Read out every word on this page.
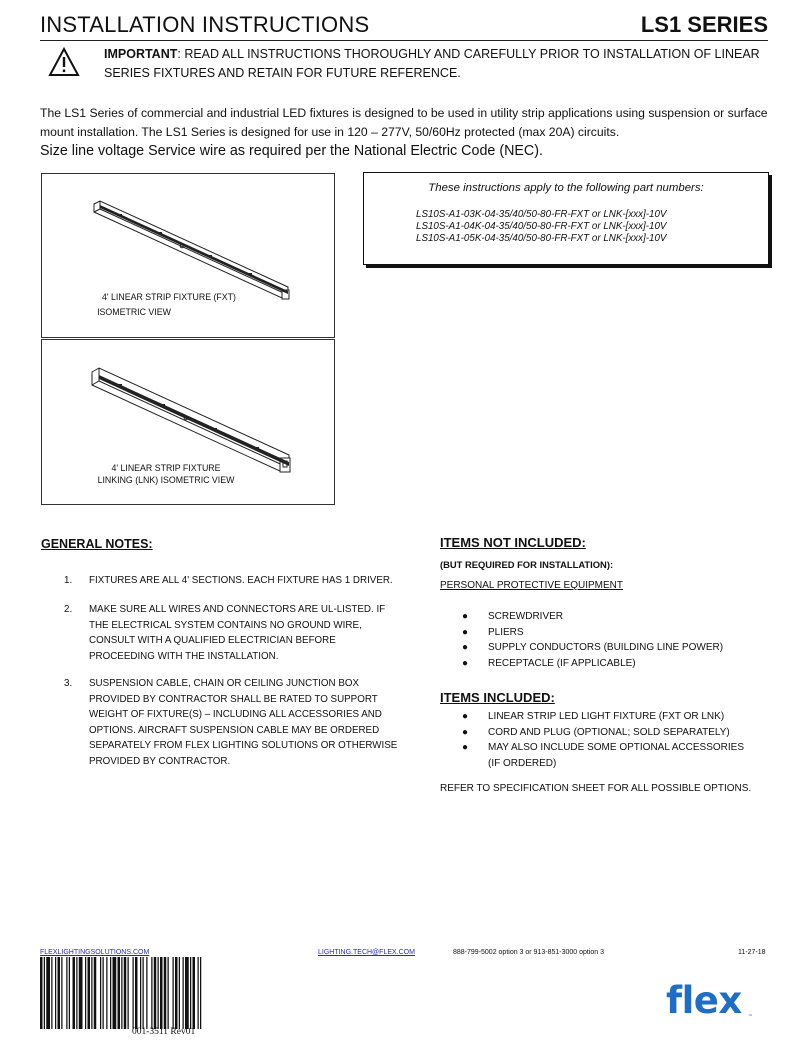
INSTALLATION INSTRUCTIONS	LS1 SERIES
IMPORTANT: READ ALL INSTRUCTIONS THOROUGHLY AND CAREFULLY PRIOR TO INSTALLATION OF LINEAR SERIES FIXTURES AND RETAIN FOR FUTURE REFERENCE.
The LS1 Series of commercial and industrial LED fixtures is designed to be used in utility strip applications using suspension or surface mount installation. The LS1 Series is designed for use in 120 – 277V, 50/60Hz protected (max 20A) circuits.
Size line voltage Service wire as required per the National Electric Code (NEC).
4' LINEAR STRIP FIXTURE (FXT)
ISOMETRIC VIEW
4' LINEAR STRIP FIXTURE
LINKING (LNK) ISOMETRIC VIEW
These instructions apply to the following part numbers:
LS10S-A1-03K-04-35/40/50-80-FR-FXT or LNK-[xxx]-10V
LS10S-A1-04K-04-35/40/50-80-FR-FXT or LNK-[xxx]-10V
LS10S-A1-05K-04-35/40/50-80-FR-FXT or LNK-[xxx]-10V
GENERAL NOTES:
1. FIXTURES ARE ALL 4' SECTIONS. EACH FIXTURE HAS 1 DRIVER.
2. MAKE SURE ALL WIRES AND CONNECTORS ARE UL-LISTED. IF THE ELECTRICAL SYSTEM CONTAINS NO GROUND WIRE, CONSULT WITH A QUALIFIED ELECTRICIAN BEFORE PROCEEDING WITH THE INSTALLATION.
3. SUSPENSION CABLE, CHAIN OR CEILING JUNCTION BOX PROVIDED BY CONTRACTOR SHALL BE RATED TO SUPPORT WEIGHT OF FIXTURE(S) – INCLUDING ALL ACCESSORIES AND OPTIONS. AIRCRAFT SUSPENSION CABLE MAY BE ORDERED SEPARATELY FROM FLEX LIGHTING SOLUTIONS OR OTHERWISE PROVIDED BY CONTRACTOR.
ITEMS NOT INCLUDED:
(BUT REQUIRED FOR INSTALLATION):
PERSONAL PROTECTIVE EQUIPMENT
● SCREWDRIVER
● PLIERS
● SUPPLY CONDUCTORS (BUILDING LINE POWER)
● RECEPTACLE (IF APPLICABLE)
ITEMS INCLUDED:
● LINEAR STRIP LED LIGHT FIXTURE (FXT OR LNK)
● CORD AND PLUG (OPTIONAL; SOLD SEPARATELY)
● MAY ALSO INCLUDE SOME OPTIONAL ACCESSORIES (IF ORDERED)
REFER TO SPECIFICATION SHEET FOR ALL POSSIBLE OPTIONS.
FLEXLIGHTINGSOLUTIONS.COM	LIGHTING.TECH@FLEX.COM	888-799-5002 option 3 or 913-851-3000 option 3	11-27-18
001-3511 Rev01
flex ™
